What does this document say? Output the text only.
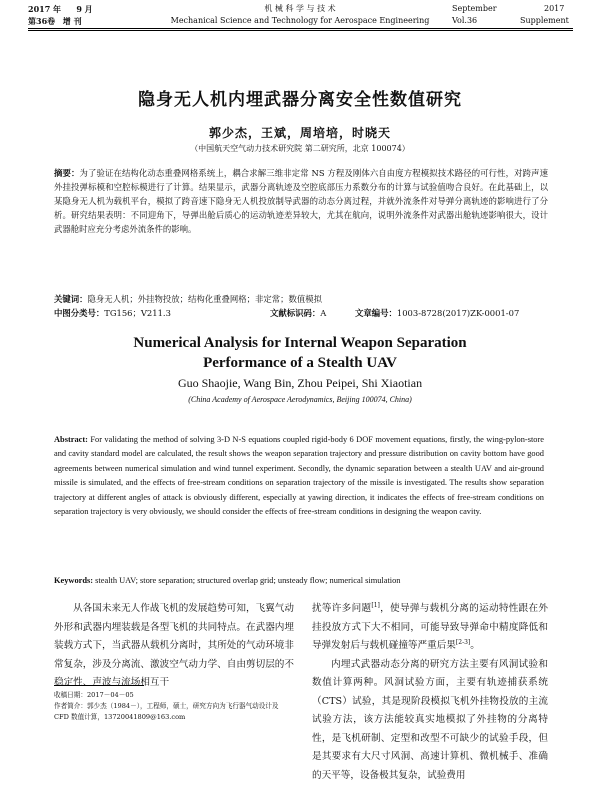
2017 年 9 月	机 械 科 学 与 技 术	September	2017
第36卷 增 刊	Mechanical Science and Technology for Aerospace Engineering	Vol.36	Supplement
隐身无人机内埋武器分离安全性数值研究
郭少杰，王斌，周培培，时晓天
（中国航天空气动力技术研究院 第二研究所，北京 100074）
摘要：为了验证在结构化动态重叠网格系统上，耦合求解三维非定常 NS 方程及刚体六自由度方程模拟技术路径的可行性，对跨声速外挂投弹标模和空腔标模进行了计算。结果显示，武器分离轨迹及空腔底部压力系数分布的计算与试验值吻合良好。在此基础上，以某隐身无人机为载机平台，模拟了跨音速下隐身无人机投放制导武器的动态分离过程，并就外流条件对导弹分离轨迹的影响进行了分析。研究结果表明：不同迎角下，导弹出舱后质心的运动轨迹差异较大，尤其在航向，说明外流条件对武器出舱轨迹影响很大，设计武器舱时应充分考虑外流条件的影响。
关键词：隐身无人机；外挂物投放；结构化重叠网格；非定常；数值模拟
中图分类号：TG156；V211.3	文献标识码：A	文章编号：1003-8728(2017)ZK-0001-07
Numerical Analysis for Internal Weapon Separation
Performance of a Stealth UAV
Guo Shaojie, Wang Bin, Zhou Peipei, Shi Xiaotian
(China Academy of Aerospace Aerodynamics, Beijing 100074, China)
Abstract: For validating the method of solving 3-D N-S equations coupled rigid-body 6 DOF movement equations, firstly, the wing-pylon-store and cavity standard model are calculated, the result shows the weapon separation trajectory and pressure distribution on cavity bottom have good agreements between numerical simulation and wind tunnel experiment. Secondly, the dynamic separation between a stealth UAV and air-ground missile is simulated, and the effects of free-stream conditions on separation trajectory of the missile is investigated. The results show separation trajectory at different angles of attack is obviously different, especially at yawing direction, it indicates the effects of free-stream conditions on separation trajectory is very obviously, we should consider the effects of free-stream conditions in designing the weapon cavity.
Keywords: stealth UAV; store separation; structured overlap grid; unsteady flow; numerical simulation

从各国未来无人作战飞机的发展趋势可知，飞翼气动外形和武器内埋装载是各型飞机的共同特点。在武器内埋装载方式下，当武器从载机分离时，其所处的气动环境非常复杂，涉及分离流、激波空气动力学、自由剪切层的不稳定性、声波与流场相互干

扰等许多问题[1]，使导弹与载机分离的运动特性跟在外挂投放方式下大不相同，可能导致导弹命中精度降低和导弹发射后与载机碰撞等严重后果[2-3]。

内埋式武器动态分离的研究方法主要有风洞试验和数值计算两种。风洞试验方面，主要有轨迹捕获系统（CTS）试验，其是现阶段模拟飞机外挂物投放的主流试验方法，该方法能较真实地模拟了外挂物的分离特性，是飞机研制、定型和改型不可缺少的试验手段，但是其要求有大尺寸风洞、高速计算机、微机械手、准确的天平等，设备极其复杂，试验费用

收稿日期：2017－04－05

作者简介：郭少杰（1984－），工程师，硕士，研究方向为飞行器气动设计及 CFD 数值计算，13720041809@163.com
